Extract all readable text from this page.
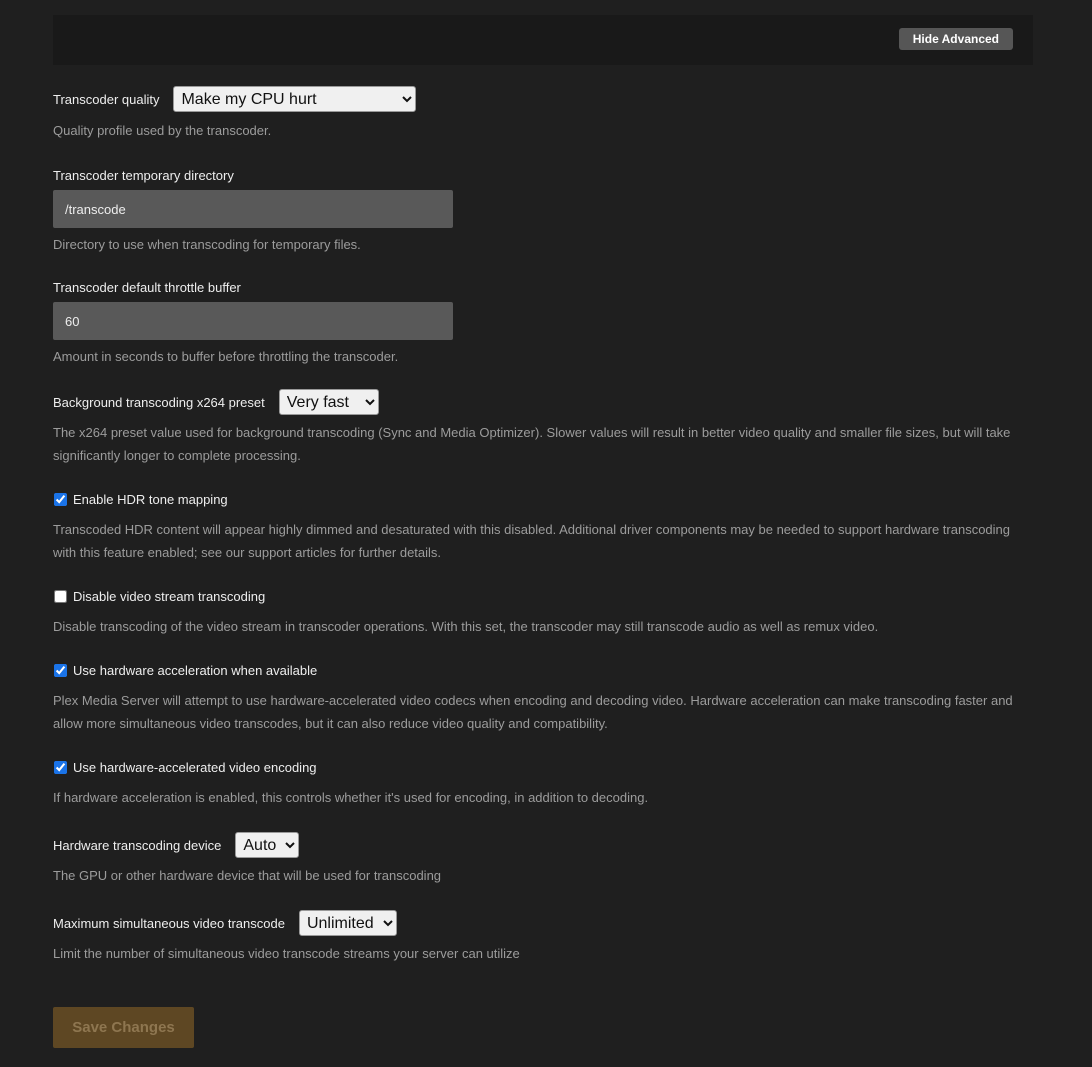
Hide Advanced
Transcoder quality
Make my CPU hurt
Quality profile used by the transcoder.
Transcoder temporary directory
/transcode
Directory to use when transcoding for temporary files.
Transcoder default throttle buffer
60
Amount in seconds to buffer before throttling the transcoder.
Background transcoding x264 preset
Very fast
The x264 preset value used for background transcoding (Sync and Media Optimizer). Slower values will result in better video quality and smaller file sizes, but will take significantly longer to complete processing.
Enable HDR tone mapping
Transcoded HDR content will appear highly dimmed and desaturated with this disabled. Additional driver components may be needed to support hardware transcoding with this feature enabled; see our support articles for further details.
Disable video stream transcoding
Disable transcoding of the video stream in transcoder operations. With this set, the transcoder may still transcode audio as well as remux video.
Use hardware acceleration when available
Plex Media Server will attempt to use hardware-accelerated video codecs when encoding and decoding video. Hardware acceleration can make transcoding faster and allow more simultaneous video transcodes, but it can also reduce video quality and compatibility.
Use hardware-accelerated video encoding
If hardware acceleration is enabled, this controls whether it's used for encoding, in addition to decoding.
Hardware transcoding device
Auto
The GPU or other hardware device that will be used for transcoding
Maximum simultaneous video transcode
Unlimited
Limit the number of simultaneous video transcode streams your server can utilize
Save Changes
